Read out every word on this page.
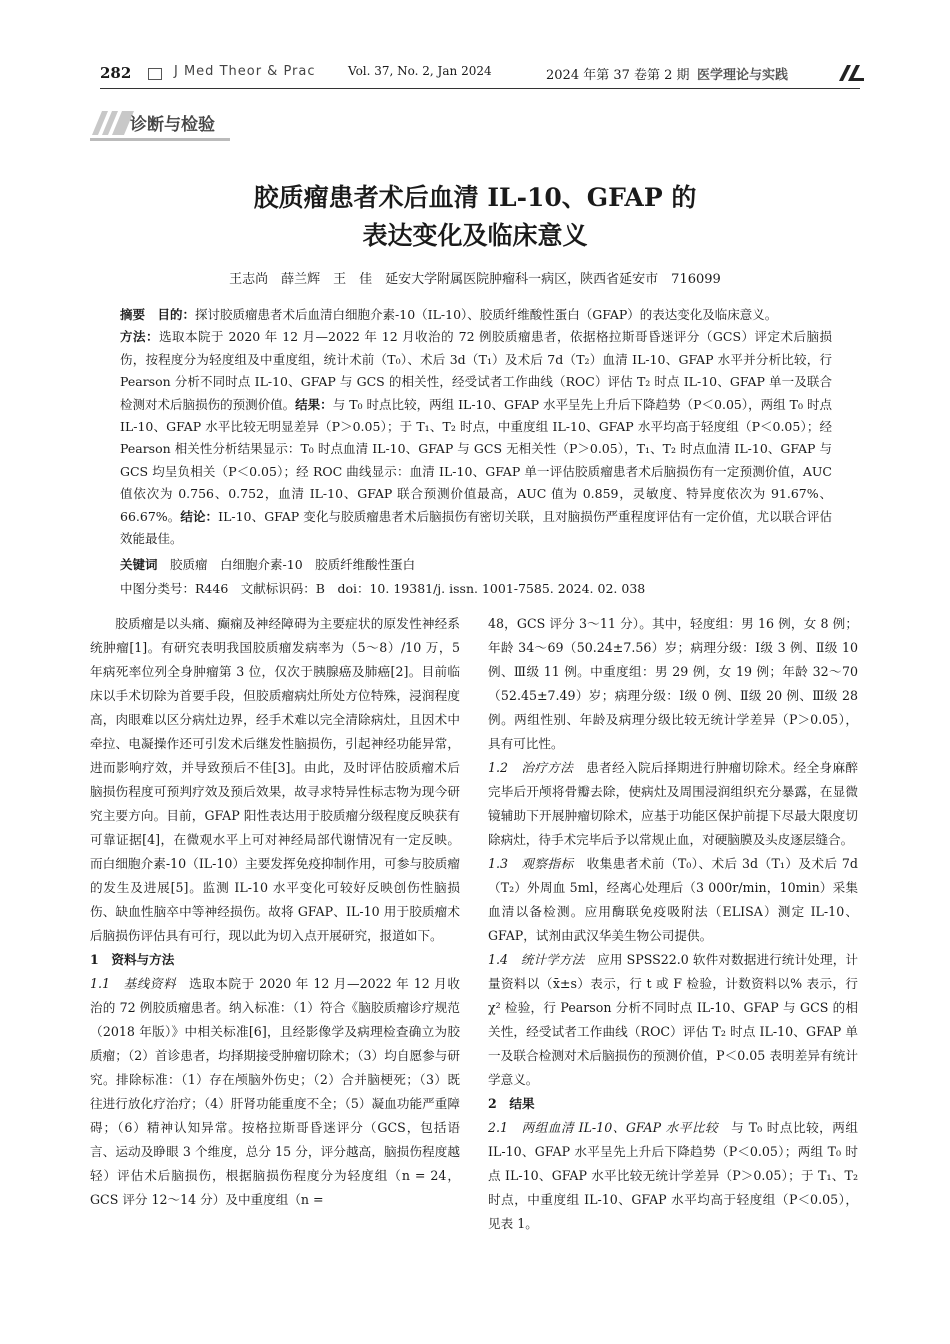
282	J Med Theor & Prac	Vol. 37, No. 2, Jan 2024	2024 年第 37 卷第 2 期 医学理论与实践
诊断与检验
胶质瘤患者术后血清 IL-10、GFAP 的
表达变化及临床意义
王志尚　薛兰辉　王　佳　延安大学附属医院肿瘤科一病区，陕西省延安市　716099
摘要　 目的：探讨胶质瘤患者术后血清白细胞介素-10（IL-10）、胶质纤维酸性蛋白（GFAP）的表达变化及临床意义。
方法：选取本院于 2020 年 12 月—2022 年 12 月收治的 72 例胶质瘤患者，依据格拉斯哥昏迷评分（GCS）评定术后脑损伤，按程度分为轻度组及中重度组，统计术前（T₀）、术后 3d（T₁）及术后 7d（T₂）血清 IL-10、GFAP 水平并分析比较，行 Pearson 分析不同时点 IL-10、GFAP 与 GCS 的相关性，经受试者工作曲线（ROC）评估 T₂ 时点 IL-10、GFAP 单一及联合检测对术后脑损伤的预测价值。结果：与 T₀ 时点比较，两组 IL-10、GFAP 水平呈先上升后下降趋势（P＜0.05），两组 T₀ 时点 IL-10、GFAP 水平比较无明显差异（P＞0.05）；于 T₁、T₂ 时点，中重度组 IL-10、GFAP 水平均高于轻度组（P＜0.05）；经 Pearson 相关性分析结果显示：T₀ 时点血清 IL-10、GFAP 与 GCS 无相关性（P＞0.05），T₁、T₂ 时点血清 IL-10、GFAP 与 GCS 均呈负相关（P＜0.05）；经 ROC 曲线显示：血清 IL-10、GFAP 单一评估胶质瘤患者术后脑损伤有一定预测价值，AUC 值依次为 0.756、0.752，血清 IL-10、GFAP 联合预测价值最高，AUC 值为 0.859，灵敏度、特异度依次为 91.67%、66.67%。结论：IL-10、GFAP 变化与胶质瘤患者术后脑损伤有密切关联，且对脑损伤严重程度评估有一定价值，尤以联合评估效能最佳。
关键词　 胶质瘤　白细胞介素-10　胶质纤维酸性蛋白
中图分类号：R446　文献标识码：B　doi：10. 19381/j. issn. 1001-7585. 2024. 02. 038

胶质瘤是以头痛、癫痫及神经障碍为主要症状的原发性神经系统肿瘤[1]。有研究表明我国胶质瘤发病率为（5～8）/10 万，5 年病死率位列全身肿瘤第 3 位，仅次于胰腺癌及肺癌[2]。目前临床以手术切除为首要手段，但胶质瘤病灶所处方位特殊，浸润程度高，肉眼难以区分病灶边界，经手术难以完全清除病灶，且因术中牵拉、电凝操作还可引发术后继发性脑损伤，引起神经功能异常，进而影响疗效，并导致预后不佳[3]。由此，及时评估胶质瘤术后脑损伤程度可预判疗效及预后效果，故寻求特异性标志物为现今研究主要方向。目前，GFAP 阳性表达用于胶质瘤分级程度反映获有可靠证据[4]，在微观水平上可对神经局部代谢情况有一定反映。而白细胞介素-10（IL-10）主要发挥免疫抑制作用，可参与胶质瘤的发生及进展[5]。监测 IL-10 水平变化可较好反映创伤性脑损伤、缺血性脑卒中等神经损伤。故将 GFAP、IL-10 用于胶质瘤术后脑损伤评估具有可行，现以此为切入点开展研究，报道如下。

1　资料与方法

1.1　基线资料　 选取本院于 2020 年 12 月—2022 年 12 月收治的 72 例胶质瘤患者。纳入标准：（1）符合《脑胶质瘤诊疗规范（2018 年版）》中相关标准[6]，且经影像学及病理检查确立为胶质瘤；（2）首诊患者，均择期接受肿瘤切除术；（3）均自愿参与研究。排除标准：（1）存在颅脑外伤史；（2）合并脑梗死；（3）既往进行放化疗治疗；（4）肝肾功能重度不全；（5）凝血功能严重障碍；（6）精神认知异常。按格拉斯哥昏迷评分（GCS，包括语言、运动及睁眼 3 个维度，总分 15 分，评分越高，脑损伤程度越轻）评估术后脑损伤，根据脑损伤程度分为轻度组（n = 24，GCS 评分 12～14 分）及中重度组（n =

48，GCS 评分 3～11 分）。其中，轻度组：男 16 例，女 8 例；年龄 34～69（50.24±7.56）岁；病理分级：Ⅰ级 3 例、Ⅱ级 10 例、Ⅲ级 11 例。中重度组：男 29 例，女 19 例；年龄 32～70（52.45±7.49）岁；病理分级：Ⅰ级 0 例、Ⅱ级 20 例、Ⅲ级 28 例。两组性别、年龄及病理分级比较无统计学差异（P＞0.05），具有可比性。

1.2　治疗方法　 患者经入院后择期进行肿瘤切除术。经全身麻醉完毕后开颅将骨瓣去除，使病灶及周围浸润组织充分暴露，在显微镜辅助下开展肿瘤切除术，应基于功能区保护前提下尽最大限度切除病灶，待手术完毕后予以常规止血，对硬脑膜及头皮逐层缝合。

1.3　观察指标　 收集患者术前（T₀）、术后 3d（T₁）及术后 7d（T₂）外周血 5ml，经离心处理后（3 000r/min，10min）采集血清以备检测。应用酶联免疫吸附法（ELISA）测定 IL-10、GFAP，试剂由武汉华美生物公司提供。

1.4　统计学方法　 应用 SPSS22.0 软件对数据进行统计处理，计量资料以（x̄±s）表示，行 t 或 F 检验，计数资料以% 表示，行 χ² 检验，行 Pearson 分析不同时点 IL-10、GFAP 与 GCS 的相关性，经受试者工作曲线（ROC）评估 T₂ 时点 IL-10、GFAP 单一及联合检测对术后脑损伤的预测价值，P＜0.05 表明差异有统计学意义。

2　结果

2.1　两组血清 IL-10、GFAP 水平比较　 与 T₀ 时点比较，两组 IL-10、GFAP 水平呈先上升后下降趋势（P＜0.05）；两组 T₀ 时点 IL-10、GFAP 水平比较无统计学差异（P＞0.05）；于 T₁、T₂ 时点，中重度组 IL-10、GFAP 水平均高于轻度组（P＜0.05），见表 1。
